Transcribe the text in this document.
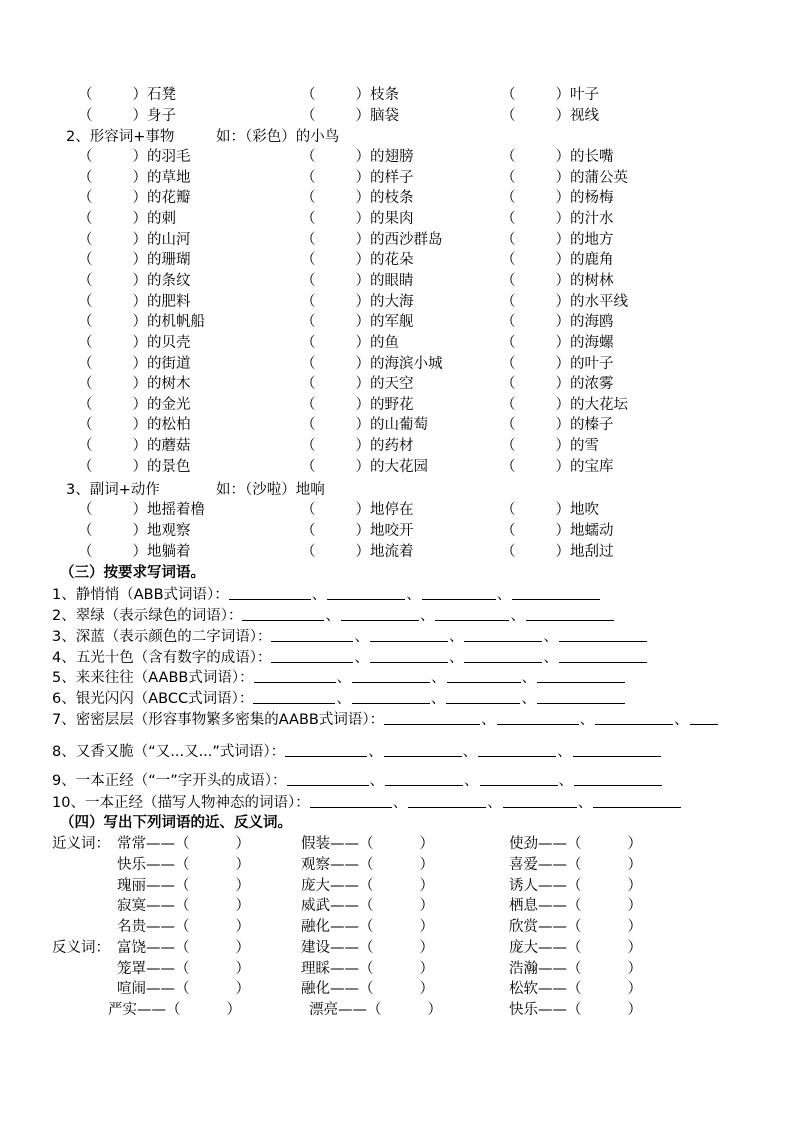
（	）石凳	（	）枝条	（	）叶子
（	）身子	（	）脑袋	（	）视线
2、形容词+事物	如：（彩色）的小鸟
（	）的羽毛	（	）的翅膀	（	）的长嘴
（	）的草地	（	）的样子	（	）的蒲公英
（	）的花瓣	（	）的枝条	（	）的杨梅
（	）的刺	（	）的果肉	（	）的汁水
（	）的山河	（	）的西沙群岛	（	）的地方
（	）的珊瑚	（	）的花朵	（	）的鹿角
（	）的条纹	（	）的眼睛	（	）的树林
（	）的肥料	（	）的大海	（	）的水平线
（	）的机帆船	（	）的军舰	（	）的海鸥
（	）的贝壳	（	）的鱼	（	）的海螺
（	）的街道	（	）的海滨小城	（	）的叶子
（	）的树木	（	）的天空	（	）的浓雾
（	）的金光	（	）的野花	（	）的大花坛
（	）的松柏	（	）的山葡萄	（	）的榛子
（	）的蘑菇	（	）的药材	（	）的雪
（	）的景色	（	）的大花园	（	）的宝库
3、副词+动作	如：（沙啦）地响
（	）地摇着橹	（	）地停在	（	）地吹
（	）地观察	（	）地咬开	（	）地蠕动
（	）地躺着	（	）地流着	（	）地刮过
（三）按要求写词语。
1、静悄悄（ABB式词语）：	、	、	、
2、翠绿（表示绿色的词语）：	、	、	、
3、深蓝（表示颜色的二字词语）：	、	、	、
4、五光十色（含有数字的成语）：	、	、	、
5、来来往往（AABB式词语）：	、	、	、
6、银光闪闪（ABCC式词语）：	、	、	、
7、密密层层（形容事物繁多密集的AABB式词语）：	、	、	、
8、又香又脆（“又...又...”式词语）：	、	、	、
9、一本正经（“一”字开头的成语）：	、	、	、
10、一本正经（描写人物神态的词语）：	、	、	、
（四）写出下列词语的近、反义词。
近义词： 常常——（	）	假装——（	）	使劲——（	）
快乐——（	）	观察——（	）	喜爱——（	）
瑰丽——（	）	庞大——（	）	诱人——（	）
寂寞——（	）	威武——（	）	栖息——（	）
名贵——（	）	融化——（	）	欣赏——（	）
反义词： 富饶——（	）	建设——（	）	庞大——（	）
笼罩——（	）	理睬——（	）	浩瀚——（	）
喧闹——（	）	融化——（	）	松软——（	）
严实——（	）	漂亮——（	）	快乐——（	）
